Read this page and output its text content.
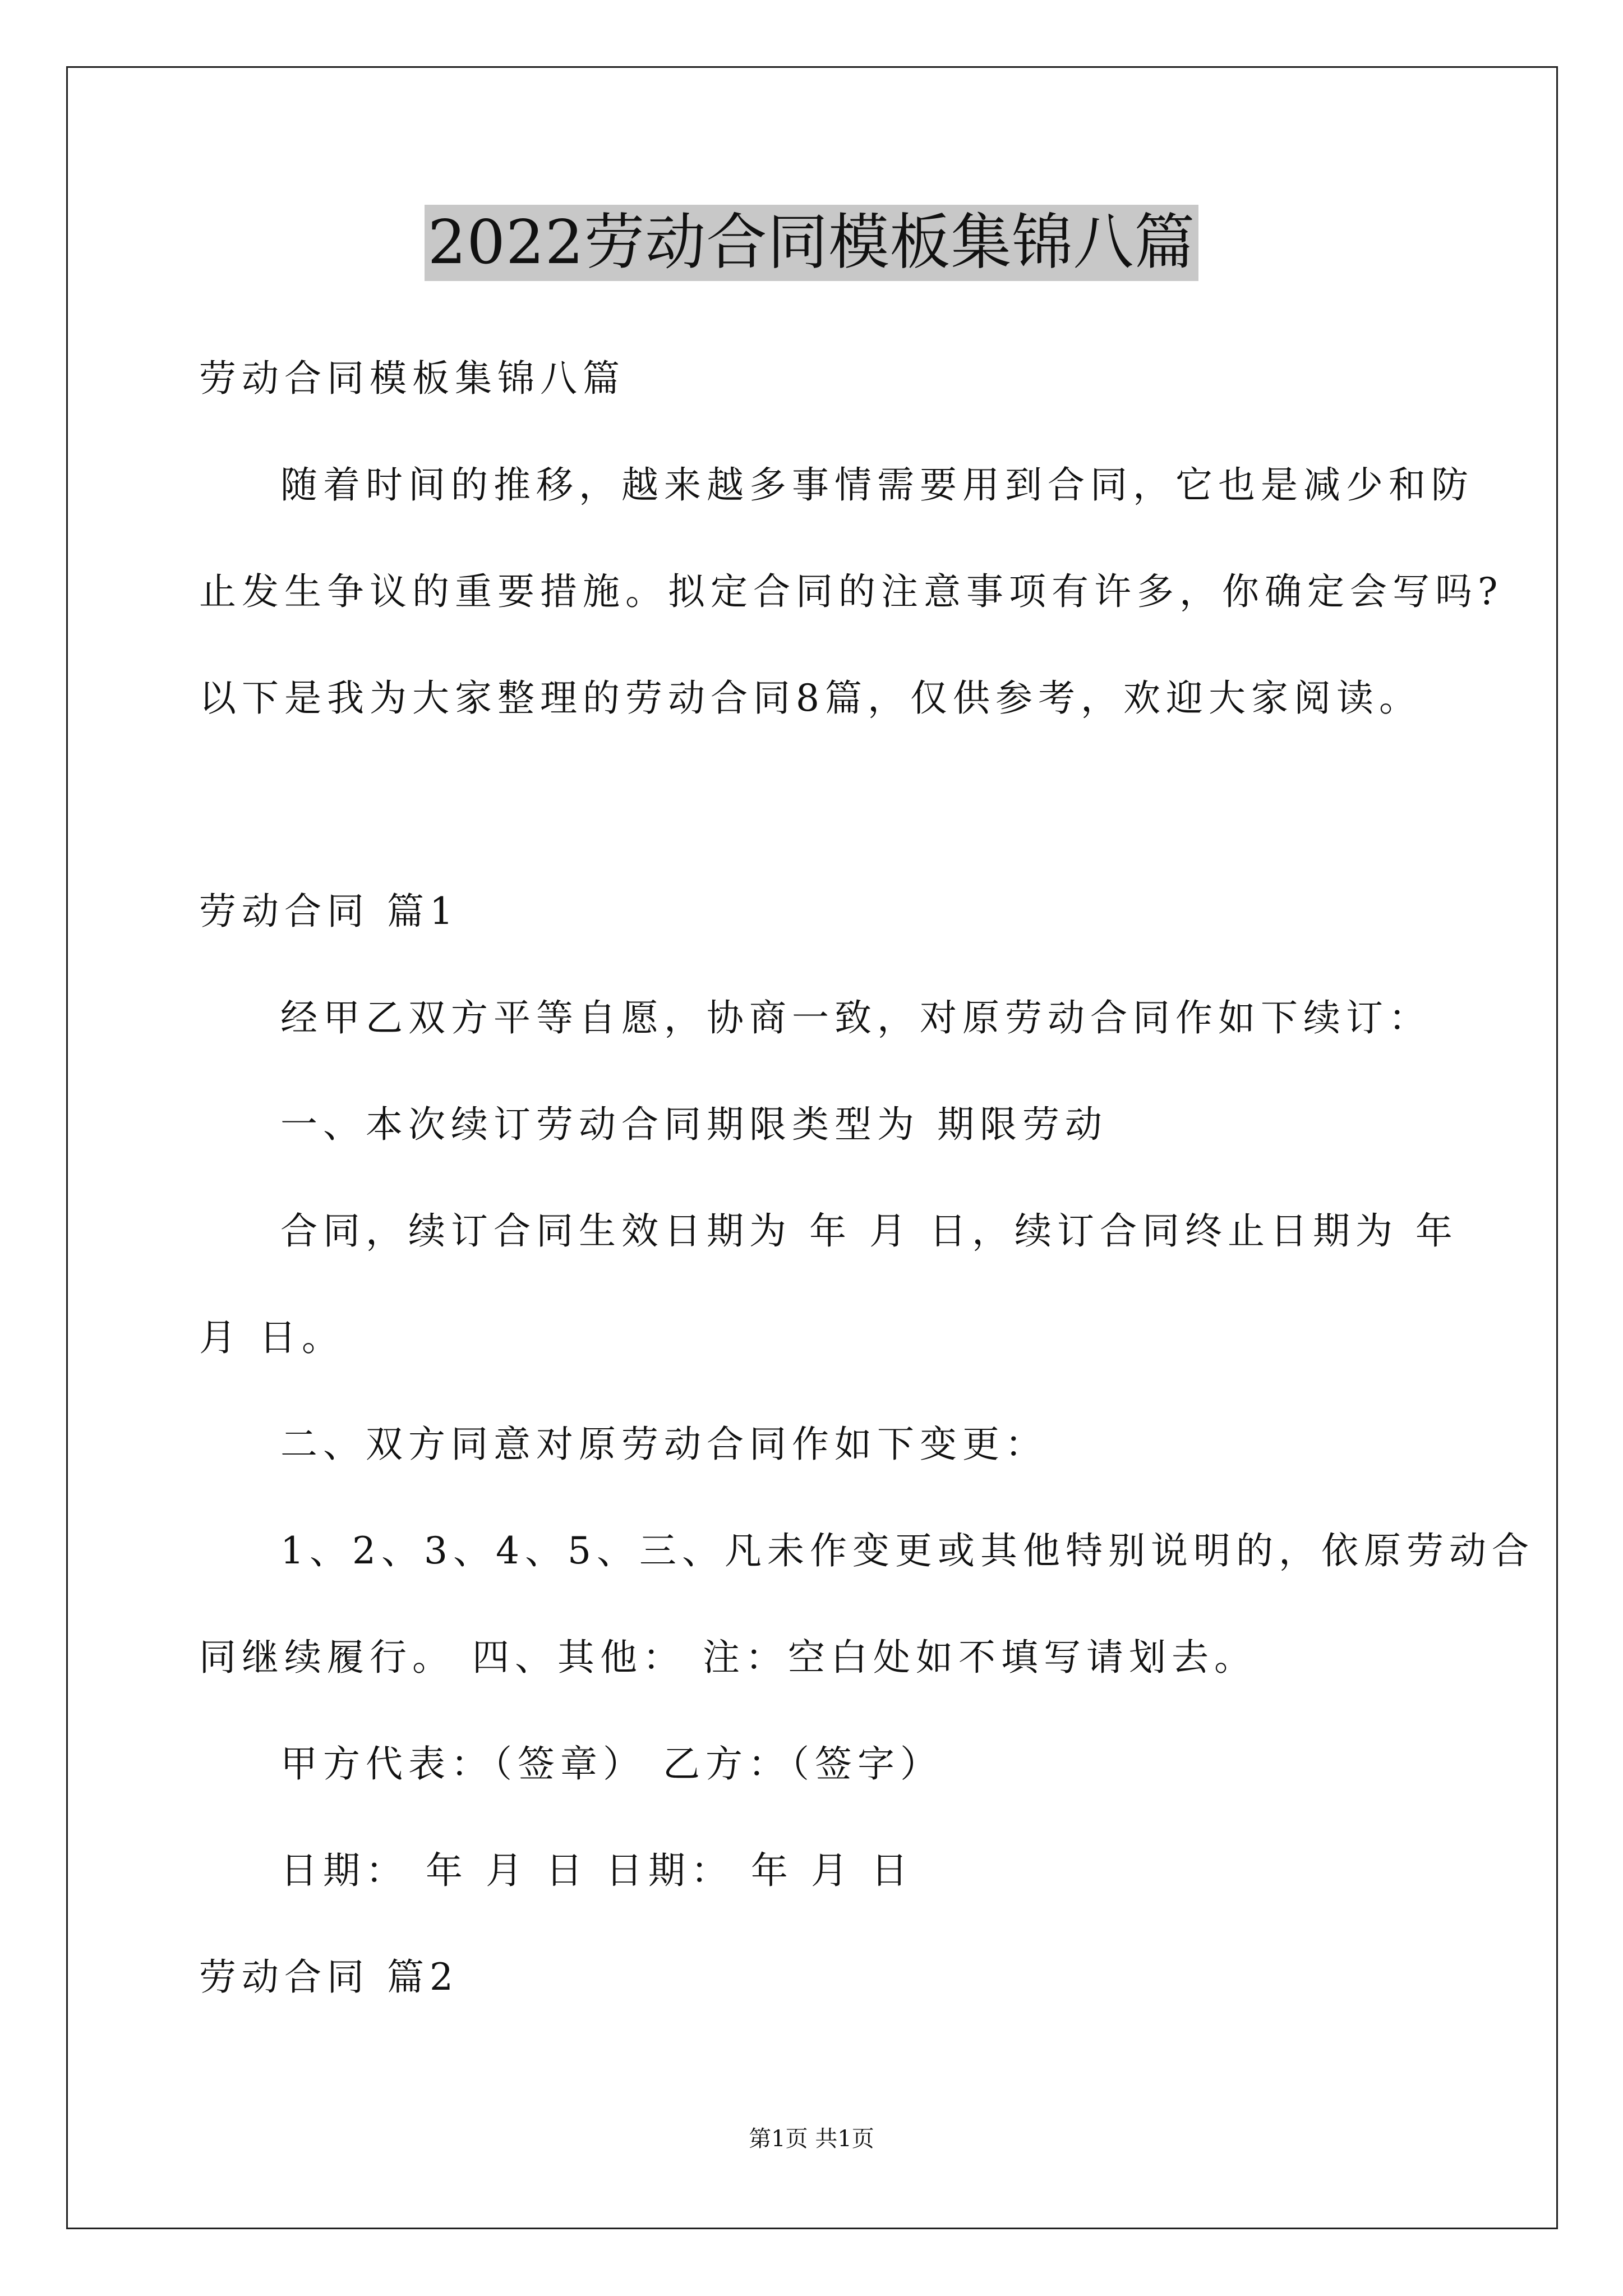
2022劳动合同模板集锦八篇
劳动合同模板集锦八篇
随着时间的推移，越来越多事情需要用到合同，它也是减少和防
止发生争议的重要措施。拟定合同的注意事项有许多，你确定会写吗?
以下是我为大家整理的劳动合同8篇，仅供参考，欢迎大家阅读。
劳动合同 篇1
经甲乙双方平等自愿，协商一致，对原劳动合同作如下续订：
一、本次续订劳动合同期限类型为 期限劳动
合同，续订合同生效日期为 年 月 日，续订合同终止日期为 年
月 日。
二、双方同意对原劳动合同作如下变更：
1、2、3、4、5、三、凡未作变更或其他特别说明的，依原劳动合
同继续履行。 四、其他： 注：空白处如不填写请划去。
甲方代表：（签章） 乙方：（签字）
日期： 年 月 日 日期： 年 月 日
劳动合同 篇2
第1页 共1页
